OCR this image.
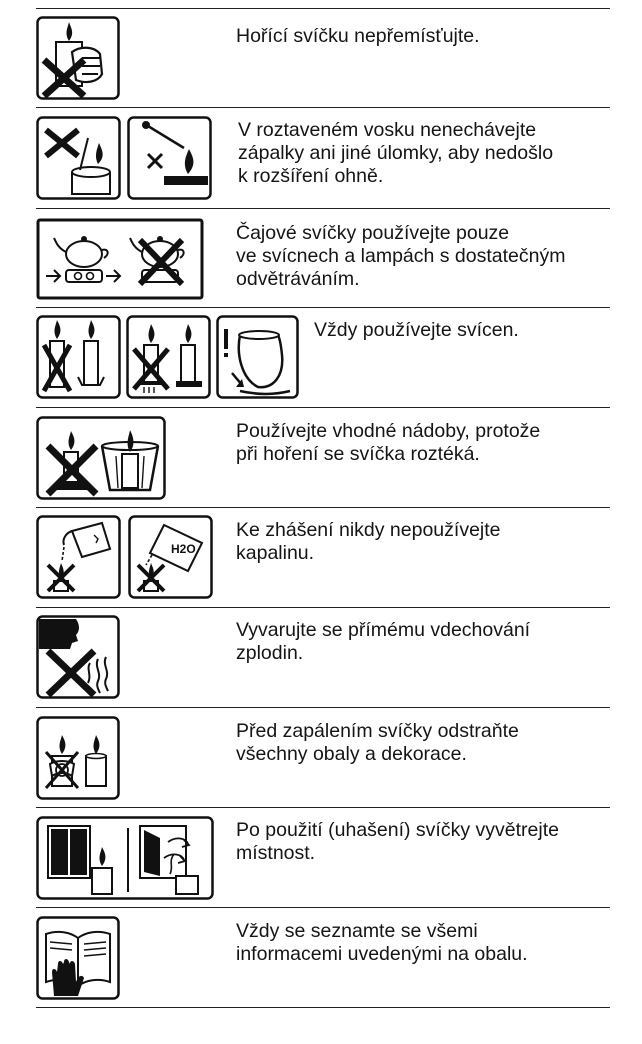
Hořící svíčku nepřemísťujte.
V roztaveném vosku nenechávejte
zápalky ani jiné úlomky, aby nedošlo
k rozšíření ohně.
Čajové svíčky používejte pouze
ve svícnech a lampách s dostatečným
odvětráváním.
Vždy používejte svícen.
Používejte vhodné nádoby, protože
při hoření se svíčka roztéká.
H2O
Ke zhášení nikdy nepoužívejte
kapalinu.
Vyvarujte se přímému vdechování
zplodin.
Před zapálením svíčky odstraňte
všechny obaly a dekorace.
Po použití (uhašení) svíčky vyvětrejte
místnost.
Vždy se seznamte se všemi
informacemi uvedenými na obalu.
